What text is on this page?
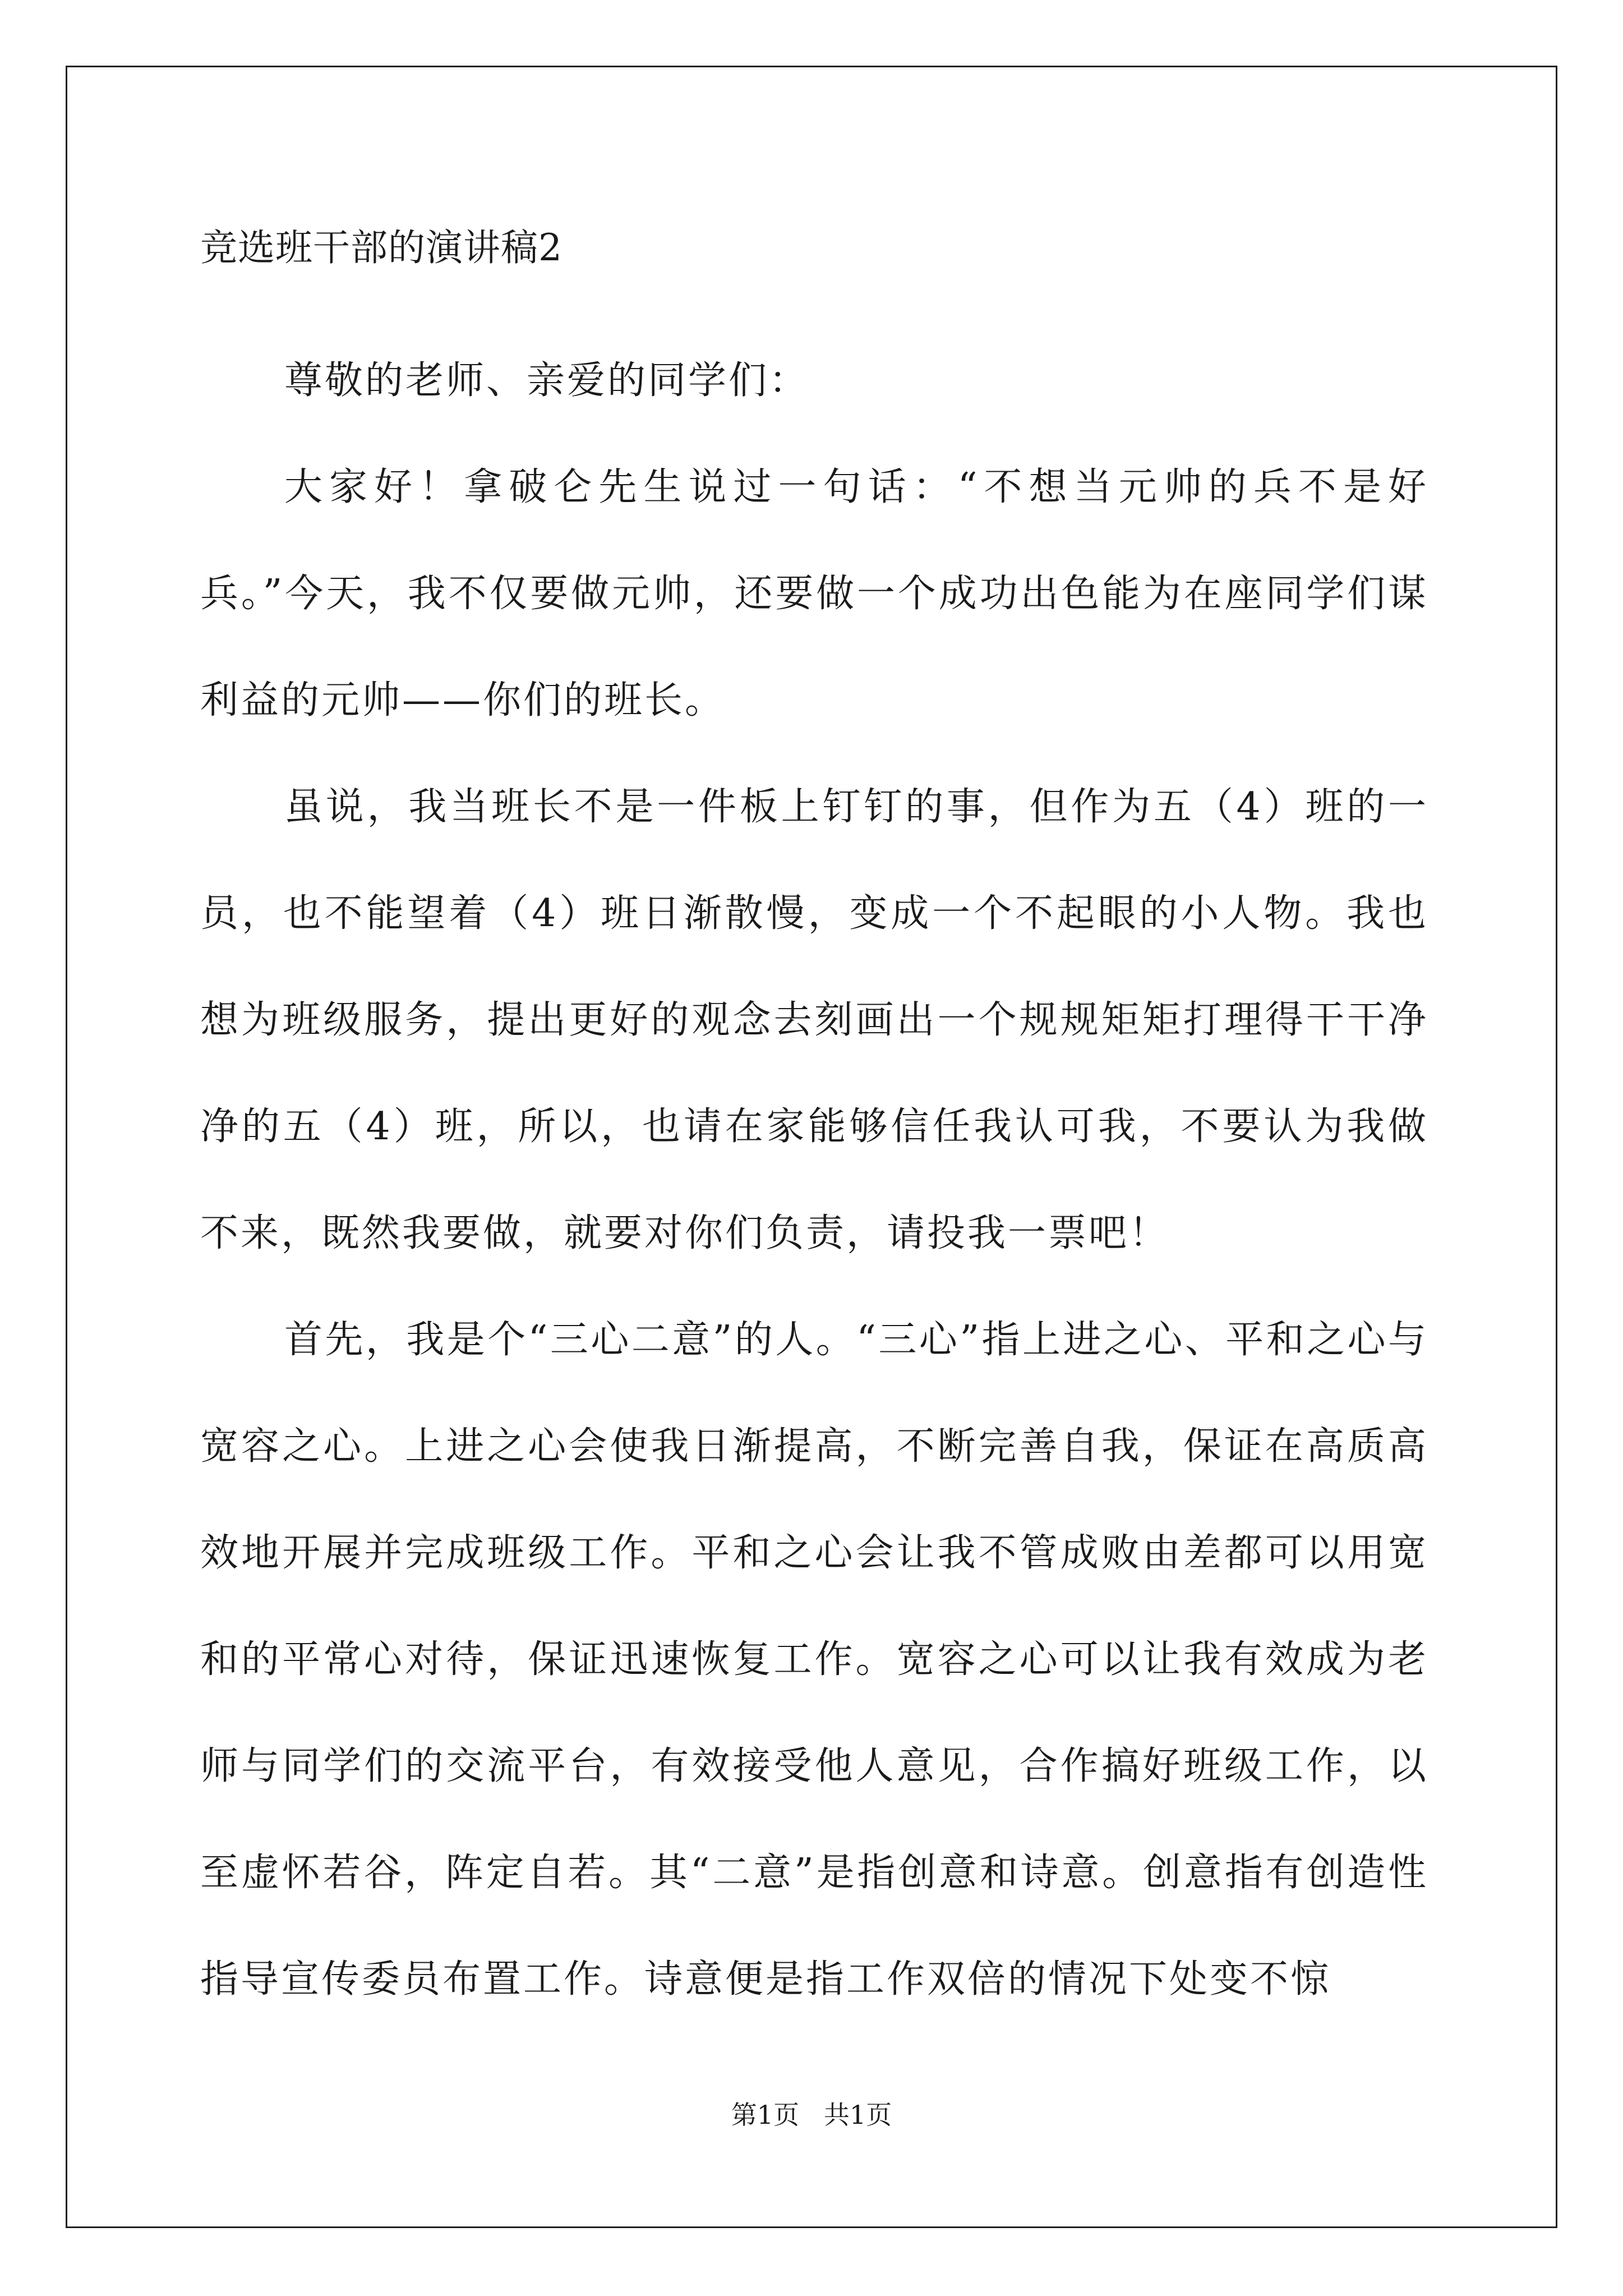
竞选班干部的演讲稿2

尊敬的老师、亲爱的同学们：

大家好！拿破仑先生说过一句话：“不想当元帅的兵不是好兵。”今天，我不仅要做元帅，还要做一个成功出色能为在座同学们谋利益的元帅——你们的班长。

虽说，我当班长不是一件板上钉钉的事，但作为五（4）班的一员，也不能望着（4）班日渐散慢，变成一个不起眼的小人物。我也想为班级服务，提出更好的观念去刻画出一个规规矩矩打理得干干净净的五（4）班，所以，也请在家能够信任我认可我，不要认为我做不来，既然我要做，就要对你们负责，请投我一票吧！

首先，我是个“三心二意”的人。“三心”指上进之心、平和之心与宽容之心。上进之心会使我日渐提高，不断完善自我，保证在高质高效地开展并完成班级工作。平和之心会让我不管成败由差都可以用宽和的平常心对待，保证迅速恢复工作。宽容之心可以让我有效成为老师与同学们的交流平台，有效接受他人意见，合作搞好班级工作，以至虚怀若谷，阵定自若。其“二意”是指创意和诗意。创意指有创造性指导宣传委员布置工作。诗意便是指工作双倍的情况下处变不惊

第1页   共1页
